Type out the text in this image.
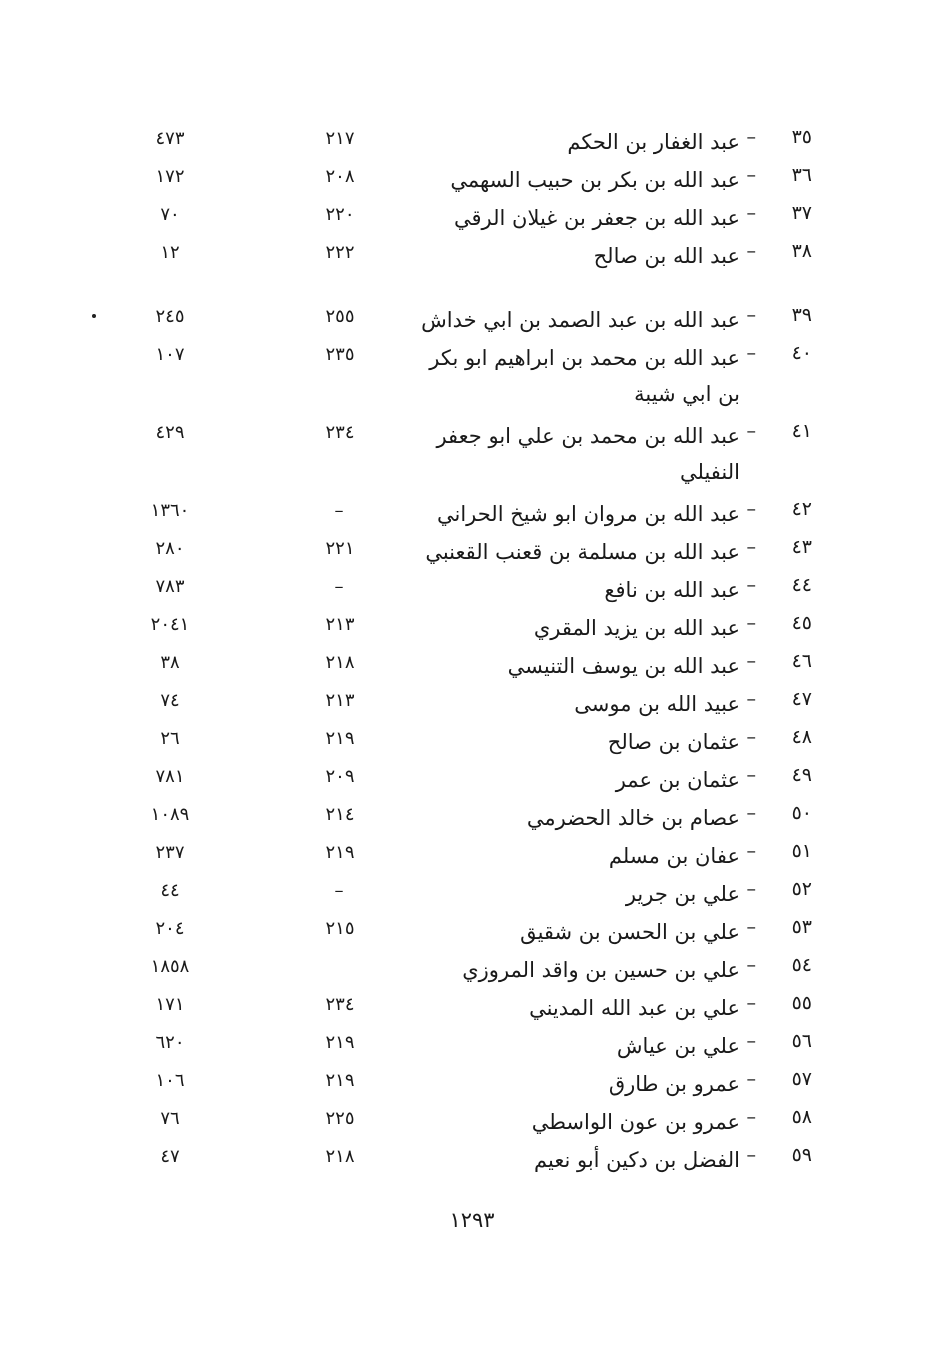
٣٥
–
عبد الغفار بن الحكم
٢١٧
٤٧٣
٣٦
–
عبد الله بن بكر بن حبيب السهمي
٢٠٨
١٧٢
٣٧
–
عبد الله بن جعفر بن غيلان الرقي
٢٢٠
٧٠
٣٨
–
عبد الله بن صالح
٢٢٢
١٢
٣٩
–
عبد الله بن عبد الصمد بن ابي خداش
٢٥٥
٢٤٥
٤٠
–
عبد الله بن محمد بن ابراهيم ابو بكر بن ابي شيبة
٢٣٥
١٠٧
٤١
–
عبد الله بن محمد بن علي ابو جعفر النفيلي
٢٣٤
٤٢٩
٤٢
–
عبد الله بن مروان ابو شيخ الحراني
–
١٣٦٠
٤٣
–
عبد الله بن مسلمة بن قعنب القعنبي
٢٢١
٢٨٠
٤٤
–
عبد الله بن نافع
–
٧٨٣
٤٥
–
عبد الله بن يزيد المقري
٢١٣
٢٠٤١
٤٦
–
عبد الله بن يوسف التنيسي
٢١٨
٣٨
٤٧
–
عبيد الله بن موسى
٢١٣
٧٤
٤٨
–
عثمان بن صالح
٢١٩
٢٦
٤٩
–
عثمان بن عمر
٢٠٩
٧٨١
٥٠
–
عصام بن خالد الحضرمي
٢١٤
١٠٨٩
٥١
–
عفان بن مسلم
٢١٩
٢٣٧
٥٢
–
علي بن جرير
–
٤٤
٥٣
–
علي بن الحسن بن شقيق
٢١٥
٢٠٤
٥٤
–
علي بن حسين بن واقد المروزي
١٨٥٨
٥٥
–
علي بن عبد الله المديني
٢٣٤
١٧١
٥٦
–
علي بن عياش
٢١٩
٦٢٠
٥٧
–
عمرو بن طارق
٢١٩
١٠٦
٥٨
–
عمرو بن عون الواسطي
٢٢٥
٧٦
٥٩
–
الفضل بن دكين أبو نعيم
٢١٨
٤٧
١٢٩٣
